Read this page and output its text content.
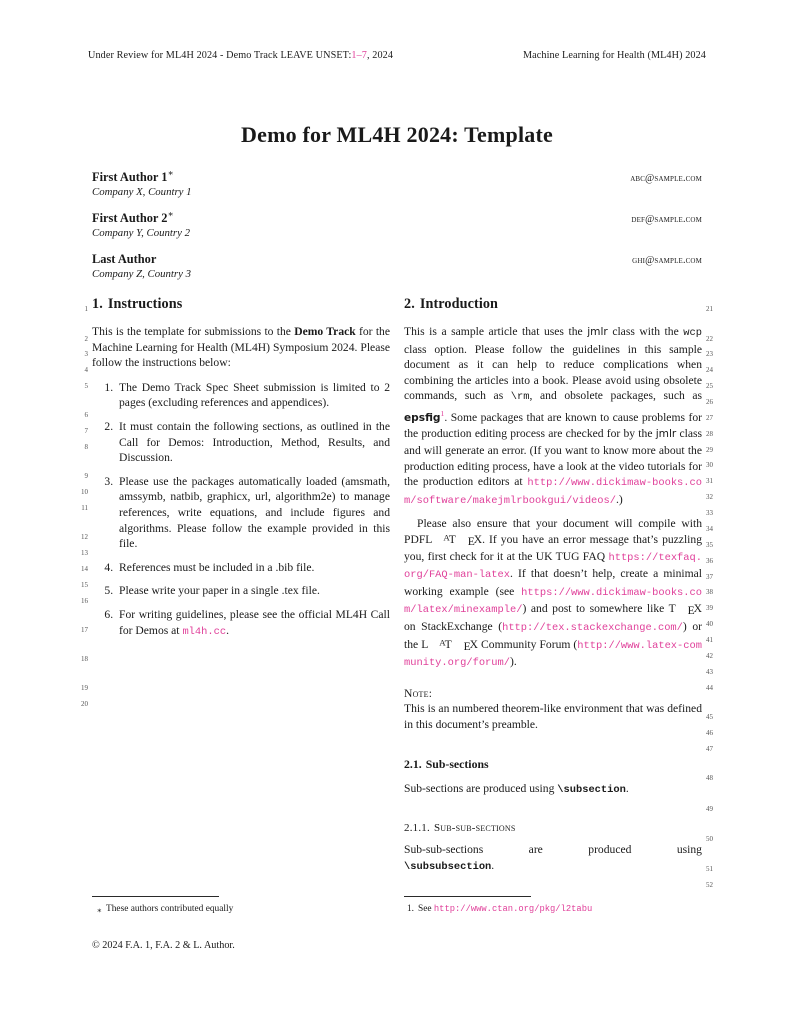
Under Review for ML4H 2024 - Demo Track LEAVE UNSET:1–7, 2024	Machine Learning for Health (ML4H) 2024
Demo for ML4H 2024: Template
First Author 1∗
abc@sample.com
Company X, Country 1
First Author 2∗
def@sample.com
Company Y, Country 2
Last Author	ghi@sample.com
Company Z, Country 3
1
2
3
4
5
6
7
8
9
10
11
12
13
14
15
16
17
18
19
20
21
22
23
24
25
26
27
28
29
30
31
32
33
34
35
36
37
38
39
40
41
42
43
44
45
46
47
48
49
50
51
52
1. Instructions

This is the template for submissions to the Demo Track for the Machine Learning for Health (ML4H) Symposium 2024. Please follow the instructions below:

1. The Demo Track Spec Sheet submission is limited to 2 pages (excluding references and appendices).
2. It must contain the following sections, as outlined in the Call for Demos: Introduction, Method, Results, and Discussion.
3. Please use the packages automatically loaded (amsmath, amssymb, natbib, graphicx, url, algorithm2e) to manage references, write equations, and include figures and algorithms. Please follow the example provided in this file.
4. References must be included in a .bib file.
5. Please write your paper in a single .tex file.
6. For writing guidelines, please see the official ML4H Call for Demos at ml4h.cc.
2. Introduction

This is a sample article that uses the jmlr class with the wcp class option. Please follow the guidelines in this sample document as it can help to reduce complications when combining the articles into a book. Please avoid using obsolete commands, such as \rm, and obsolete packages, such as epsfig$^1$. Some packages that are known to cause problems for the production editing process are checked for by the jmlr class and will generate an error. (If you want to know more about the production editing process, have a look at the video tutorials for the production editors at http://www.dickimaw-books.com/software/makejmlrbookgui/videos/.)

Please also ensure that your document will compile with PDFL AT EX. If you have an error message that’s puzzling you, first check for it at the UK TUG FAQ https://texfaq.org/FAQ-man-latex. If that doesn’t help, create a minimal working example (see https://www.dickimaw-books.com/latex/minexample/) and post to somewhere like T EX on StackExchange (http://tex.stackexchange.com/) or the L AT EX Community Forum (http://www.latex-community.org/forum/).

Note:

This is an numbered theorem-like environment that was defined in this document’s preamble.

2.1. Sub-sections

Sub-sections are produced using \subsection.

2.1.1. Sub-sub-sections

Sub-sub-sections	are	produced	using
\subsubsection.

∗ These authors contributed equally	1. See http://www.ctan.org/pkg/l2tabu
© 2024 F.A. 1, F.A. 2 & L. Author.
